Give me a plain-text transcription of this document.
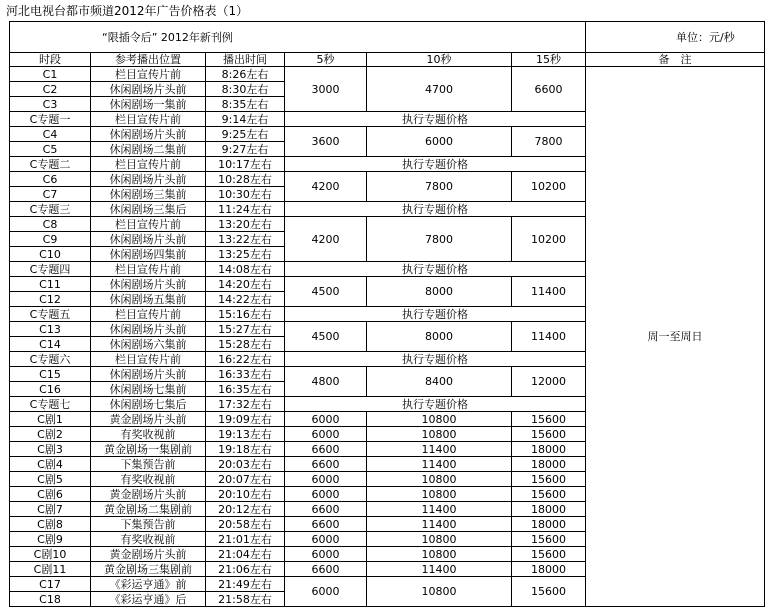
河北电视台都市频道2012年广告价格表（1）
“限插令后” 2012年新刊例						单位：元/秒
时段	参考播出位置	播出时间	5秒	10秒	15秒	备　注
C1	栏目宣传片前	8:26左右	3000	4700	6600	周一至周日
C2	休闲剧场片头前	8:30左右				
C3	休闲剧场一集前	8:35左右				
C专题一	栏目宣传片前	9:14左右	执行专题价格			
C4	休闲剧场片头前	9:25左右	3600	6000	7800	
C5	休闲剧场二集前	9:27左右				
C专题二	栏目宣传片前	10:17左右	执行专题价格			
C6	休闲剧场片头前	10:28左右	4200	7800	10200	
C7	休闲剧场三集前	10:30左右				
C专题三	休闲剧场三集后	11:24左右	执行专题价格			
C8	栏目宣传片前	13:20左右	4200	7800	10200	
C9	休闲剧场片头前	13:22左右				
C10	休闲剧场四集前	13:25左右				
C专题四	栏目宣传片前	14:08左右	执行专题价格			
C11	休闲剧场片头前	14:20左右	4500	8000	11400	
C12	休闲剧场五集前	14:22左右				
C专题五	栏目宣传片前	15:16左右	执行专题价格			
C13	休闲剧场片头前	15:27左右	4500	8000	11400	
C14	休闲剧场六集前	15:28左右				
C专题六	栏目宣传片前	16:22左右	执行专题价格			
C15	休闲剧场片头前	16:33左右	4800	8400	12000	
C16	休闲剧场七集前	16:35左右				
C专题七	休闲剧场七集后	17:32左右	执行专题价格			
C剧1	黄金剧场片头前	19:09左右	6000	10800	15600	
C剧2	有奖收视前	19:13左右	6000	10800	15600	
C剧3	黄金剧场一集剧前	19:18左右	6600	11400	18000	
C剧4	下集预告前	20:03左右	6600	11400	18000	
C剧5	有奖收视前	20:07左右	6000	10800	15600	
C剧6	黄金剧场片头前	20:10左右	6000	10800	15600	
C剧7	黄金剧场二集剧前	20:12左右	6600	11400	18000	
C剧8	下集预告前	20:58左右	6600	11400	18000	
C剧9	有奖收视前	21:01左右	6000	10800	15600	
C剧10	黄金剧场片头前	21:04左右	6000	10800	15600	
C剧11	黄金剧场三集剧前	21:06左右	6600	11400	18000	
C17	《彩运亨通》前	21:49左右	6000	10800	15600	
C18	《彩运亨通》后	21:58左右				
